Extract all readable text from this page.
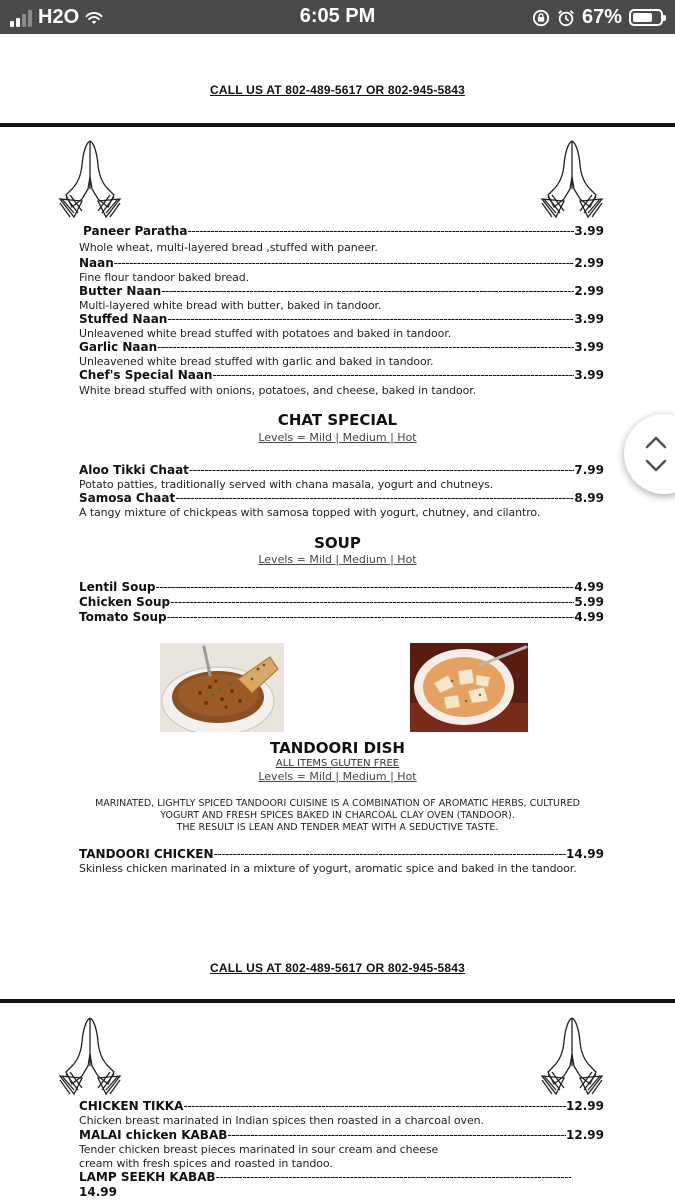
H2O	6:05 PM	67%
CALL US AT 802-489-5617 OR 802-945-5843
Paneer Paratha -----	3.99
Whole wheat, multi-layered bread ,stuffed with paneer.
Naan -----	2.99
Fine flour tandoor baked bread.
Butter Naan -----	2.99
Multi-layered white bread with butter, baked in tandoor.
Stuffed Naan -----	3.99
Unleavened white bread stuffed with potatoes and baked in tandoor.
Garlic Naan -----	3.99
Unleavened white bread stuffed with garlic and baked in tandoor.
Chef's Special Naan -----	3.99
White bread stuffed with onions, potatoes, and cheese, baked in tandoor.
CHAT SPECIAL
Levels = Mild | Medium | Hot
Aloo Tikki Chaat -----	7.99
Potato patties, traditionally served with chana masala, yogurt and chutneys.
Samosa Chaat -----	8.99
A tangy mixture of chickpeas with samosa topped with yogurt, chutney, and cilantro.
SOUP
Levels = Mild | Medium | Hot
Lentil Soup -----	4.99
Chicken Soup -----	5.99
Tomato Soup -----	4.99
TANDOORI DISH
ALL ITEMS GLUTEN FREE
Levels = Mild | Medium | Hot
MARINATED, LIGHTLY SPICED TANDOORI CUISINE IS A COMBINATION OF AROMATIC HERBS, CULTURED
YOGURT AND FRESH SPICES BAKED IN CHARCOAL CLAY OVEN (TANDOOR).
THE RESULT IS LEAN AND TENDER MEAT WITH A SEDUCTIVE TASTE.
TANDOORI CHICKEN -----	14.99
Skinless chicken marinated in a mixture of yogurt, aromatic spice and baked in the tandoor.
CALL US AT 802-489-5617 OR 802-945-5843
CHICKEN TIKKA -----	12.99
Chicken breast marinated in Indian spices then roasted in a charcoal oven.
MALAI chicken KABAB -----	12.99
Tender chicken breast pieces marinated in sour cream and cheese
cream with fresh spices and roasted in tandoo.
LAMP SEEKH KABAB
-----
14.99
